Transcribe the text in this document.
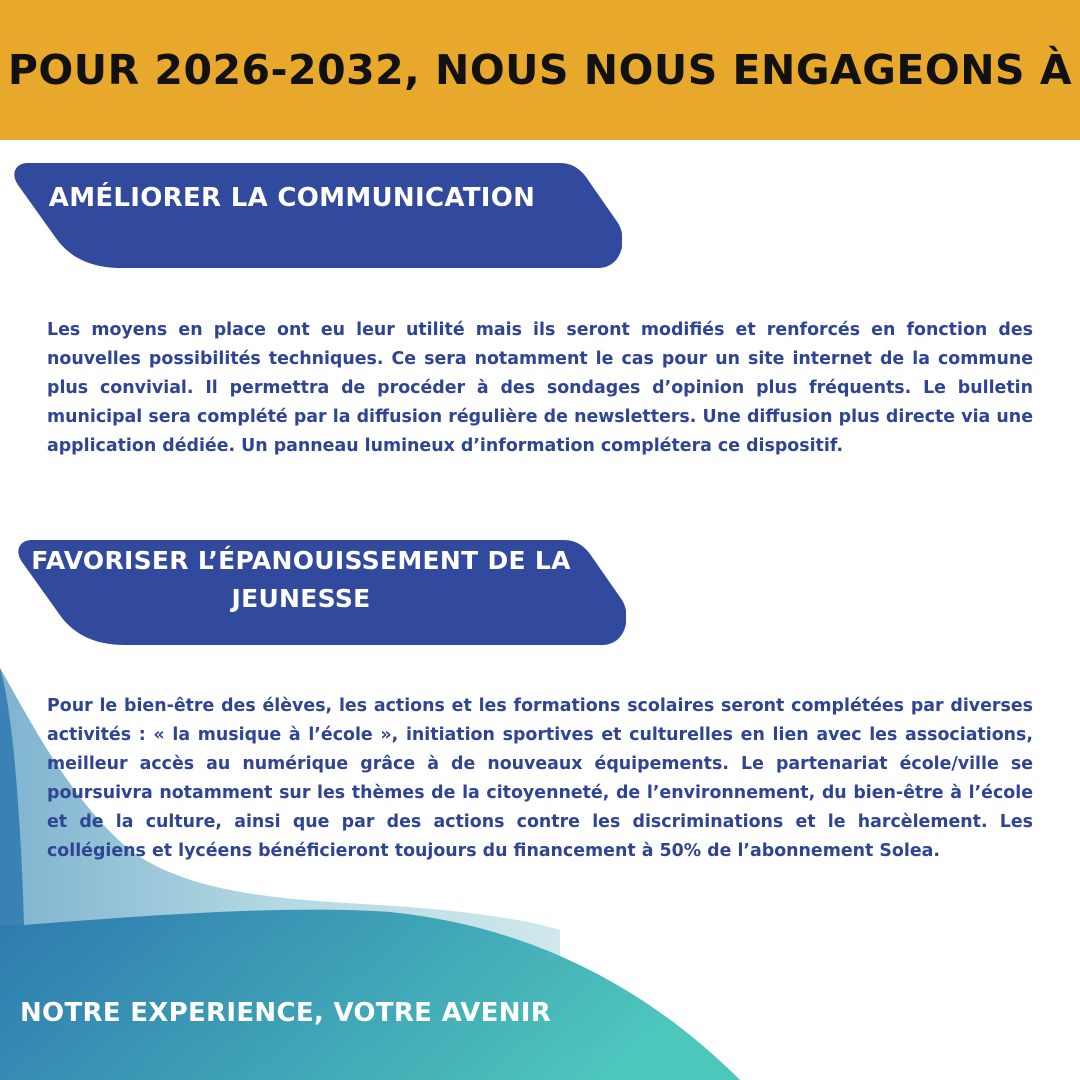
POUR 2026-2032, NOUS NOUS ENGAGEONS À
AMÉLIORER LA COMMUNICATION

Les moyens en place ont eu leur utilité mais ils seront modifiés et renforcés en fonction des nouvelles possibilités techniques. Ce sera notamment le cas pour un site internet de la commune plus convivial. Il permettra de procéder à des sondages d’opinion plus fréquents. Le bulletin municipal sera complété par la diffusion régulière de newsletters. Une diffusion plus directe via une application dédiée. Un panneau lumineux d’information complétera ce dispositif.

FAVORISER L’ÉPANOUISSEMENT DE LA JEUNESSE

Pour le bien-être des élèves, les actions et les formations scolaires seront complétées par diverses activités : « la musique à l’école », initiation sportives et culturelles en lien avec les associations, meilleur accès au numérique grâce à de nouveaux équipements. Le partenariat école/ville se poursuivra notamment sur les thèmes de la citoyenneté, de l’environnement, du bien-être à l’école et de la culture, ainsi que par des actions contre les discriminations et le harcèlement. Les collégiens et lycéens bénéficieront toujours du financement à 50% de l’abonnement Solea.

NOTRE EXPERIENCE, VOTRE AVENIR
